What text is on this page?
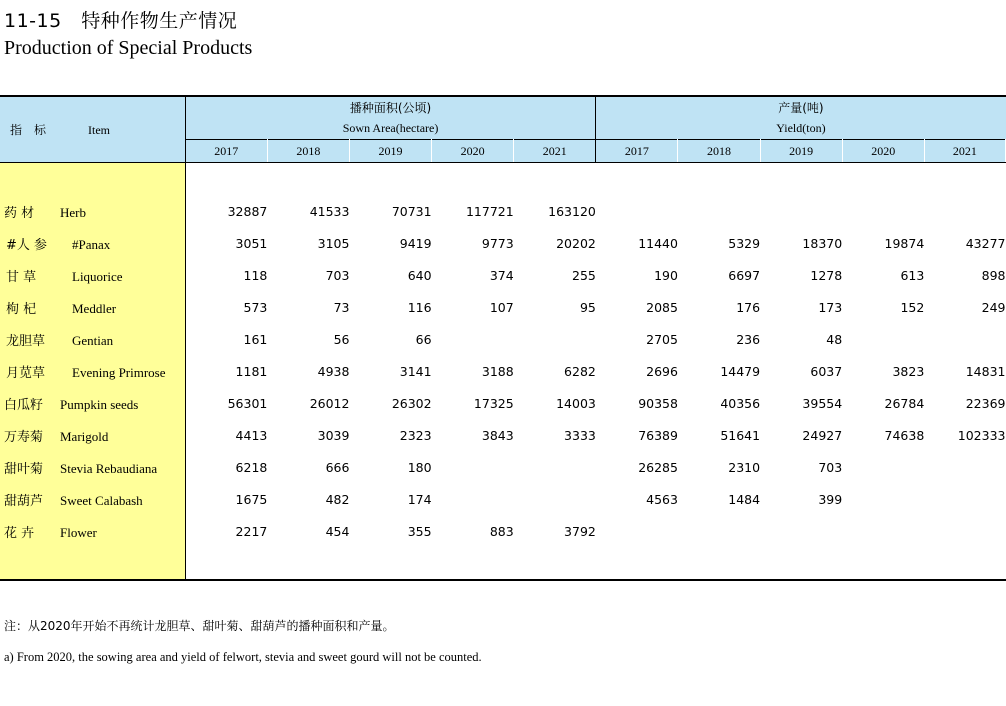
11-15　特种作物生产情况
Production of Special Products
指　标 Item	播种面积(公顷)
Sown Area(hectare)					产量(吨)
Yield(ton)				

	2017	2018	2019	2020	2021	2017	2018	2019	2020	2021

药 材 Herb	32887	41533	70731	117721	163120					
#人 参 #Panax	3051	3105	9419	9773	20202	11440	5329	18370	19874	43277
甘 草 Liquorice	118	703	640	374	255	190	6697	1278	613	898
枸 杞 Meddler	573	73	116	107	95	2085	176	173	152	249
龙胆草 Gentian	161	56	66			2705	236	48		
月苋草 Evening Primrose	1181	4938	3141	3188	6282	2696	14479	6037	3823	14831
白瓜籽 Pumpkin seeds	56301	26012	26302	17325	14003	90358	40356	39554	26784	22369
万寿菊 Marigold	4413	3039	2323	3843	3333	76389	51641	24927	74638	102333
甜叶菊 Stevia Rebaudiana	6218	666	180			26285	2310	703		
甜葫芦 Sweet Calabash	1675	482	174			4563	1484	399		
花 卉 Flower	2217	454	355	883	3792					

注：从2020年开始不再统计龙胆草、甜叶菊、甜葫芦的播种面积和产量。
a) From 2020, the sowing area and yield of felwort, stevia and sweet gourd will not be counted.
